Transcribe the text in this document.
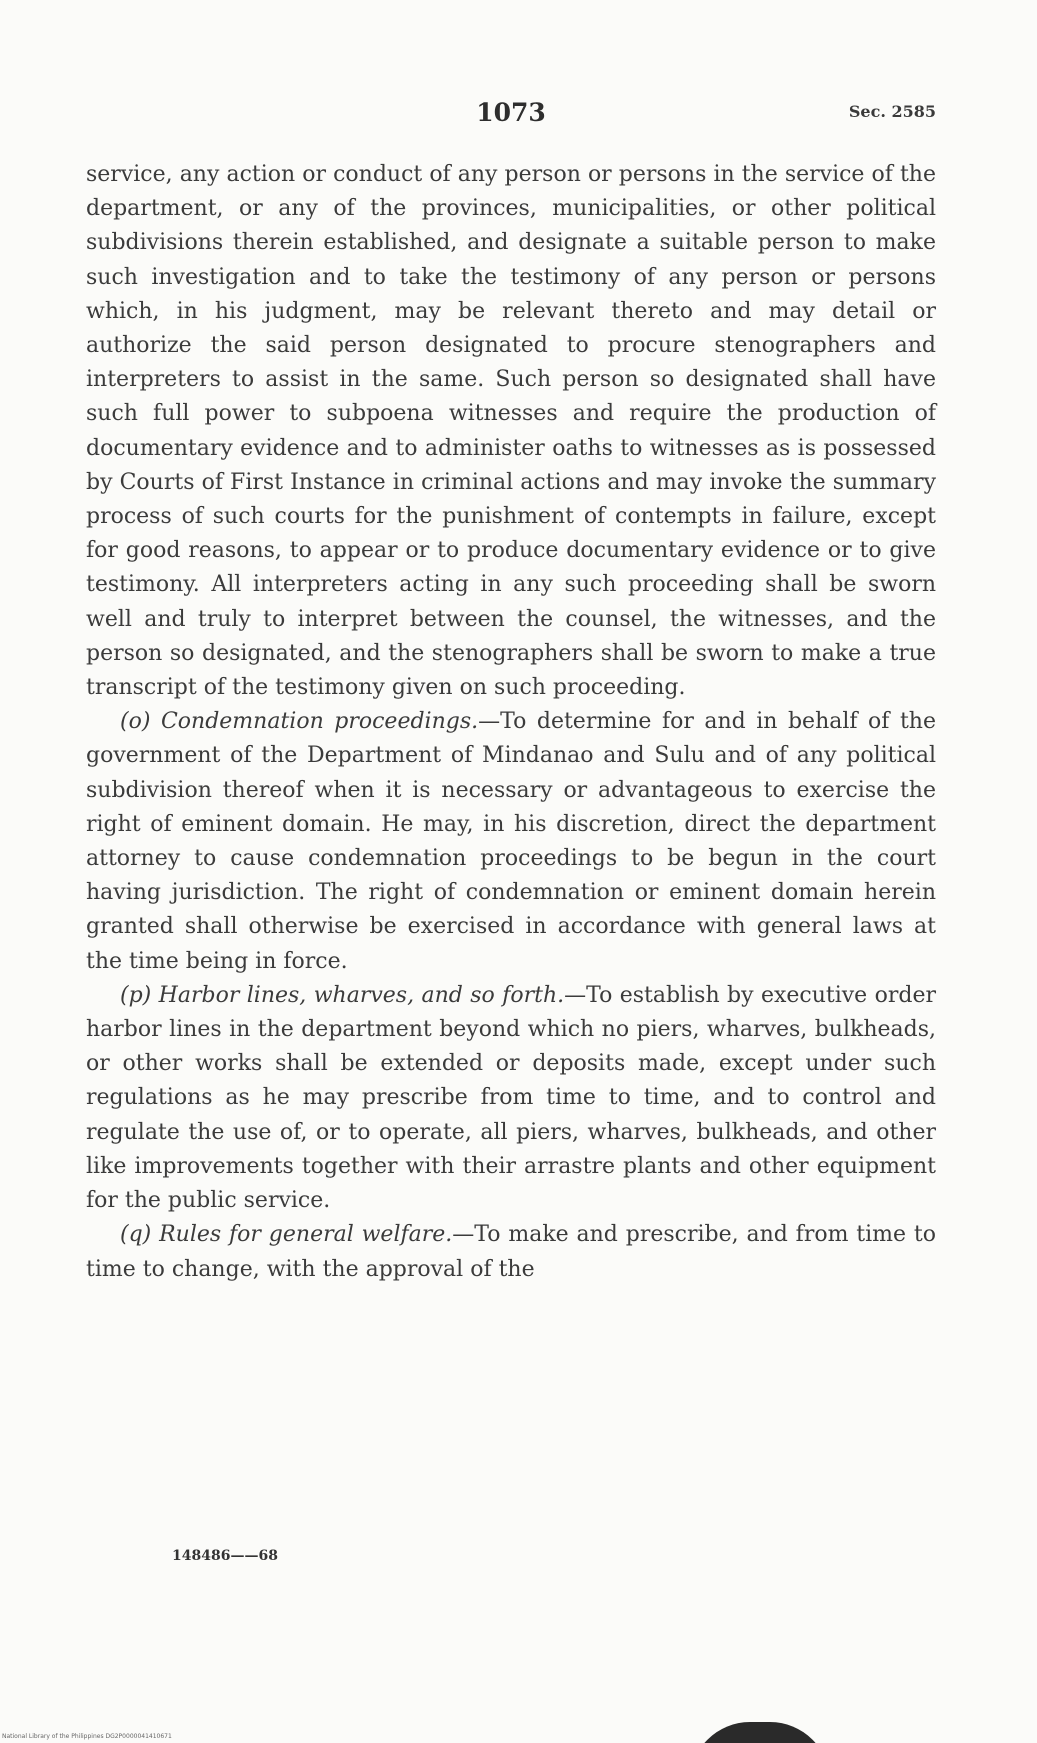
1073	Sec. 2585

service, any action or conduct of any person or persons in the service of the department, or any of the provinces, municipalities, or other political subdivisions therein established, and designate a suitable person to make such investigation and to take the testimony of any person or persons which, in his judgment, may be relevant thereto and may detail or authorize the said person designated to procure stenographers and interpreters to assist in the same. Such person so designated shall have such full power to subpoena witnesses and require the production of documentary evidence and to administer oaths to witnesses as is possessed by Courts of First Instance in criminal actions and may invoke the summary process of such courts for the punishment of contempts in failure, except for good reasons, to appear or to produce documentary evidence or to give testimony. All interpreters acting in any such proceeding shall be sworn well and truly to interpret between the counsel, the witnesses, and the person so designated, and the stenographers shall be sworn to make a true transcript of the testimony given on such proceeding.

(o) Condemnation proceedings.—To determine for and in behalf of the government of the Department of Mindanao and Sulu and of any political subdivision thereof when it is necessary or advantageous to exercise the right of eminent domain. He may, in his discretion, direct the department attorney to cause condemnation proceedings to be begun in the court having jurisdiction. The right of condemnation or eminent domain herein granted shall otherwise be exercised in accordance with general laws at the time being in force.

(p) Harbor lines, wharves, and so forth.—To establish by executive order harbor lines in the department beyond which no piers, wharves, bulkheads, or other works shall be extended or deposits made, except under such regulations as he may prescribe from time to time, and to control and regulate the use of, or to operate, all piers, wharves, bulkheads, and other like improvements together with their arrastre plants and other equipment for the public service.

(q) Rules for general welfare.—To make and prescribe, and from time to time to change, with the approval of the

148486——68
National Library of the Philippines DG2P0000041410671
